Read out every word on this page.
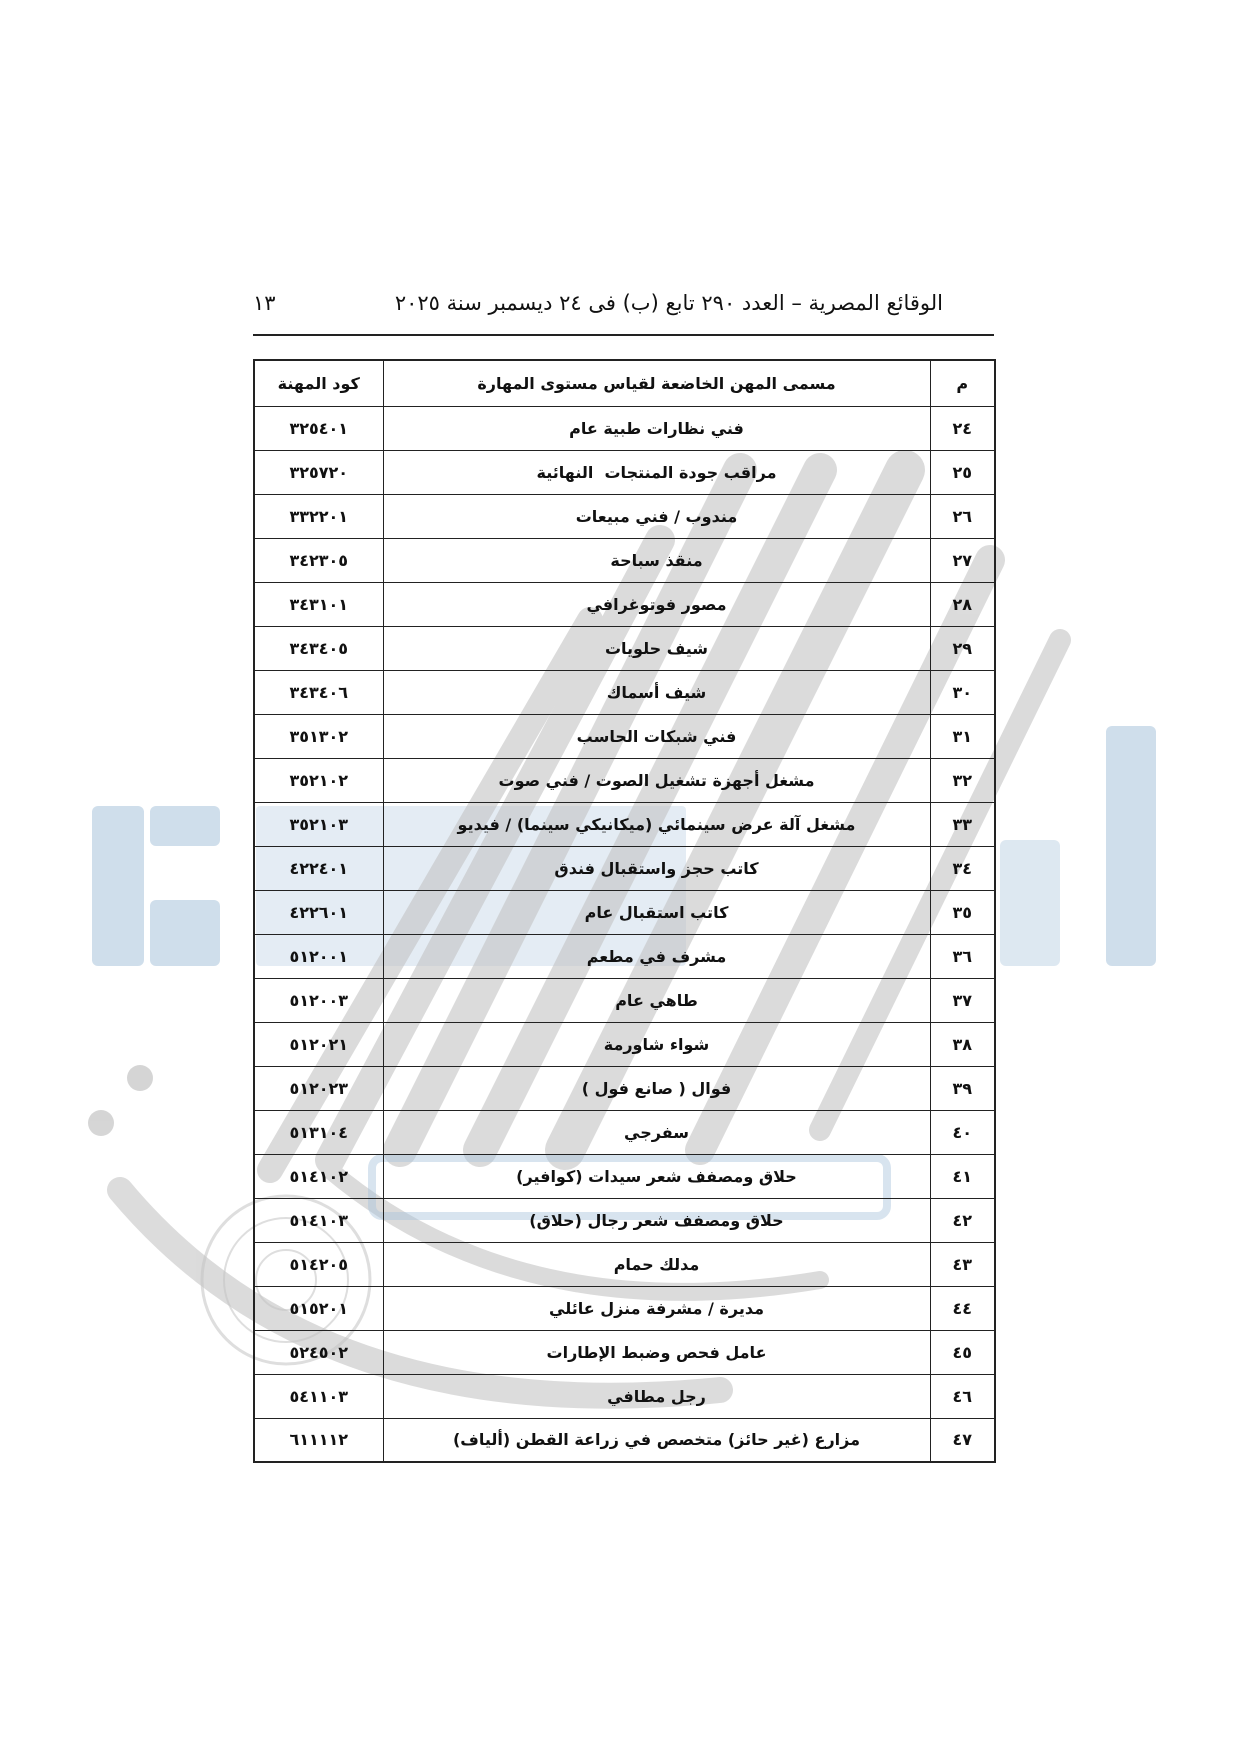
الوقائع المصرية – العدد ٢٩٠ تابع (ب) فى ٢٤ ديسمبر سنة ٢٠٢٥
١٣
م	مسمى المهن الخاضعة لقياس مستوى المهارة	كود المهنة
٢٤	فني نظارات طبية عام	٣٢٥٤٠١
٢٥	مراقب جودة المنتجات  النهائية	٣٢٥٧٢٠
٢٦	مندوب / فني مبيعات	٣٣٢٢٠١
٢٧	منقذ سباحة	٣٤٢٣٠٥
٢٨	مصور فوتوغرافي	٣٤٣١٠١
٢٩	شيف حلويات	٣٤٣٤٠٥
٣٠	شيف أسماك	٣٤٣٤٠٦
٣١	فني شبكات الحاسب	٣٥١٣٠٢
٣٢	مشغل أجهزة تشغيل الصوت / فني صوت	٣٥٢١٠٢
٣٣	مشغل آلة عرض سينمائي (ميكانيكي سينما) / فيديو	٣٥٢١٠٣
٣٤	كاتب حجز واستقبال فندق	٤٢٢٤٠١
٣٥	كاتب استقبال عام	٤٢٢٦٠١
٣٦	مشرف في مطعم	٥١٢٠٠١
٣٧	طاهي عام	٥١٢٠٠٣
٣٨	شواء شاورمة	٥١٢٠٢١
٣٩	فوال ( صانع فول )	٥١٢٠٢٣
٤٠	سفرجي	٥١٣١٠٤
٤١	حلاق ومصفف شعر سيدات (كوافير)	٥١٤١٠٢
٤٢	حلاق ومصفف شعر رجال (حلاق)	٥١٤١٠٣
٤٣	مدلك حمام	٥١٤٢٠٥
٤٤	مديرة / مشرفة منزل عائلي	٥١٥٢٠١
٤٥	عامل فحص وضبط الإطارات	٥٢٤٥٠٢
٤٦	رجل مطافي	٥٤١١٠٣
٤٧	مزارع (غير حائز) متخصص في زراعة القطن (ألياف)	٦١١١١٢
